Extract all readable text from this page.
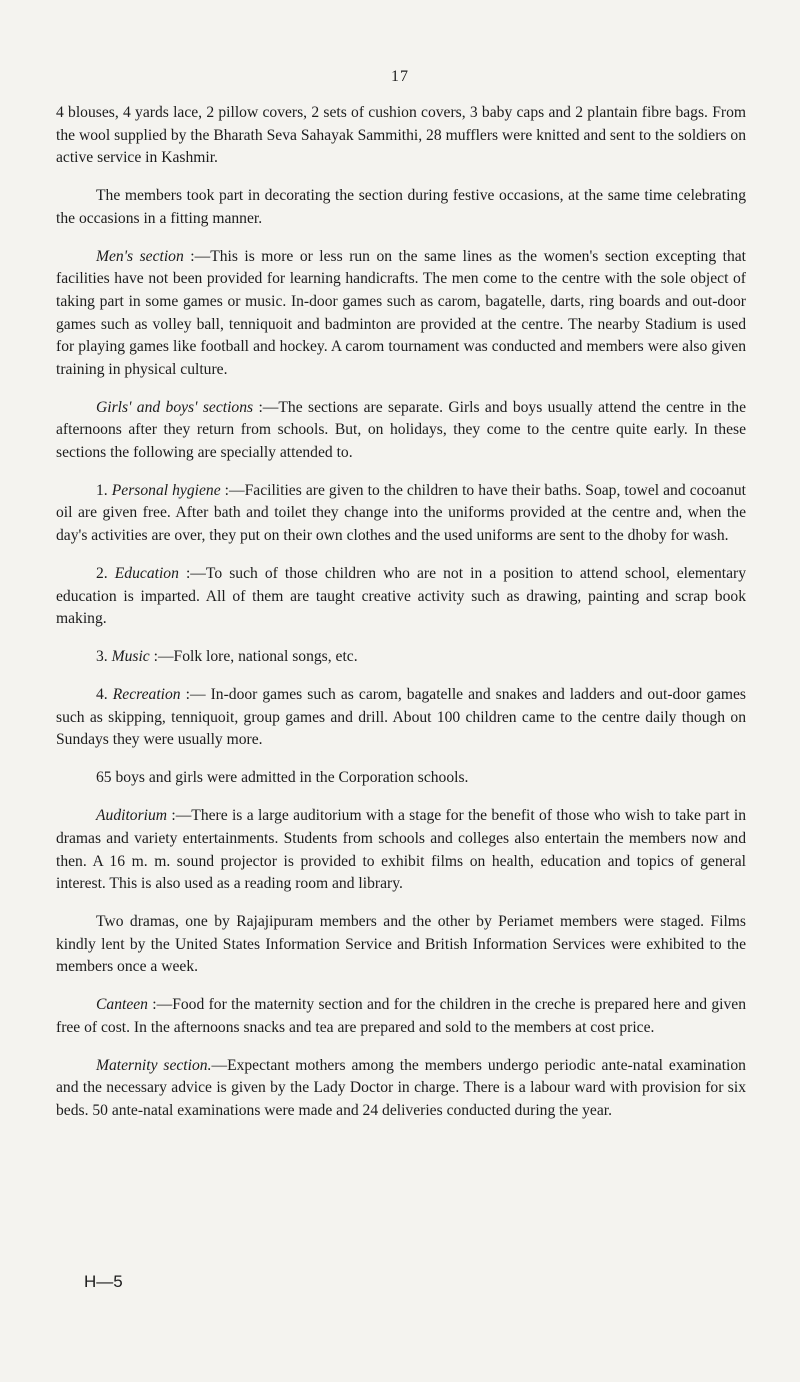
17

4 blouses, 4 yards lace, 2 pillow covers, 2 sets of cushion covers, 3 baby caps and 2 plantain fibre bags. From the wool supplied by the Bharath Seva Sahayak Sammithi, 28 mufflers were knitted and sent to the soldiers on active service in Kashmir.

The members took part in decorating the section during festive occasions, at the same time celebrating the occasions in a fitting manner.

Men's section :—This is more or less run on the same lines as the women's section excepting that facilities have not been provided for learning handicrafts. The men come to the centre with the sole object of taking part in some games or music. In-door games such as carom, bagatelle, darts, ring boards and out-door games such as volley ball, tenniquoit and badminton are provided at the centre. The nearby Stadium is used for playing games like football and hockey. A carom tournament was conducted and members were also given training in physical culture.

Girls' and boys' sections :—The sections are separate. Girls and boys usually attend the centre in the afternoons after they return from schools. But, on holidays, they come to the centre quite early. In these sections the following are specially attended to.

1. Personal hygiene :—Facilities are given to the children to have their baths. Soap, towel and cocoanut oil are given free. After bath and toilet they change into the uniforms provided at the centre and, when the day's activities are over, they put on their own clothes and the used uniforms are sent to the dhoby for wash.

2. Education :—To such of those children who are not in a position to attend school, elementary education is imparted. All of them are taught creative activity such as drawing, painting and scrap book making.

3. Music :—Folk lore, national songs, etc.

4. Recreation :— In-door games such as carom, bagatelle and snakes and ladders and out-door games such as skipping, tenniquoit, group games and drill. About 100 children came to the centre daily though on Sundays they were usually more.

65 boys and girls were admitted in the Corporation schools.

Auditorium :—There is a large auditorium with a stage for the benefit of those who wish to take part in dramas and variety entertainments. Students from schools and colleges also entertain the members now and then. A 16 m. m. sound projector is provided to exhibit films on health, education and topics of general interest. This is also used as a reading room and library.

Two dramas, one by Rajajipuram members and the other by Periamet members were staged. Films kindly lent by the United States Information Service and British Information Services were exhibited to the members once a week.

Canteen :—Food for the maternity section and for the children in the creche is prepared here and given free of cost. In the afternoons snacks and tea are prepared and sold to the members at cost price.

Maternity section.—Expectant mothers among the members undergo periodic ante-natal examination and the necessary advice is given by the Lady Doctor in charge. There is a labour ward with provision for six beds. 50 ante-natal examinations were made and 24 deliveries conducted during the year.

H—5
